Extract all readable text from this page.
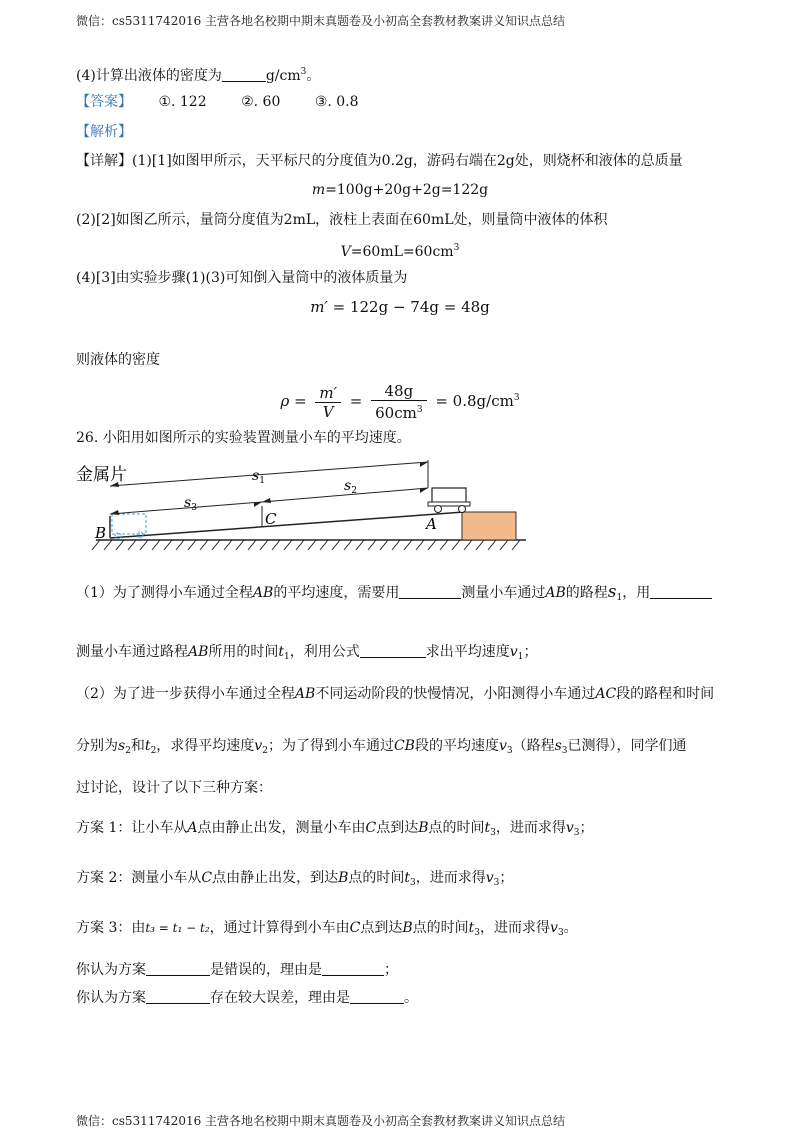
微信：cs5311742016 主营各地名校期中期末真题卷及小初高全套教材教案讲义知识点总结
(4)计算出液体的密度为	$g/cm^3$。
【答案】 ①. 122 ②. 60 ③. 0.8
【解析】
【详解】(1)[1]如图甲所示，天平标尺的分度值为0.2g，游码右端在2g处，则烧杯和液体的总质量
m=100g+20g+2g=122g
(2)[2]如图乙所示，量筒分度值为2mL，液柱上表面在60mL处，则量筒中液体的体积
$V=60mL=60cm^3$
(4)[3]由实验步骤(1)(3)可知倒入量筒中的液体质量为
m′ = 122g − 74g = 48g
则液体的密度
$\rho = \frac{m'}{V} = \frac{48g}{60cm^3} = 0.8g/cm^3$
26. 小阳用如图所示的实验装置测量小车的平均速度。
金属片	$s_1$	$s_2$
$s_3$
B
C	A
（1）为了测得小车通过全程AB的平均速度，需要用	测量小车通过AB的路程$s_1$，用
测量小车通过路程AB所用的时间$t_1$，利用公式	求出平均速度$v_1$；
（2）为了进一步获得小车通过全程AB不同运动阶段的快慢情况，小阳测得小车通过AC段的路程和时间
分别为$s_2$和$t_2$，求得平均速度$v_2$；为了得到小车通过CB段的平均速度$v_3$（路程$s_3$已测得），同学们通
过讨论，设计了以下三种方案：
方案 1：让小车从A点由静止出发，测量小车由C点到达B点的时间$t_3$，进而求得$v_3$；
方案 2：测量小车从C点由静止出发，到达B点的时间$t_3$，进而求得$v_3$；
方案 3：由t₃ = t₁ − t₂，通过计算得到小车由C点到达B点的时间$t_3$，进而求得$v_3$。
你认为方案	是错误的，理由是	；
你认为方案	存在较大误差，理由是	。
微信：cs5311742016 主营各地名校期中期末真题卷及小初高全套教材教案讲义知识点总结
